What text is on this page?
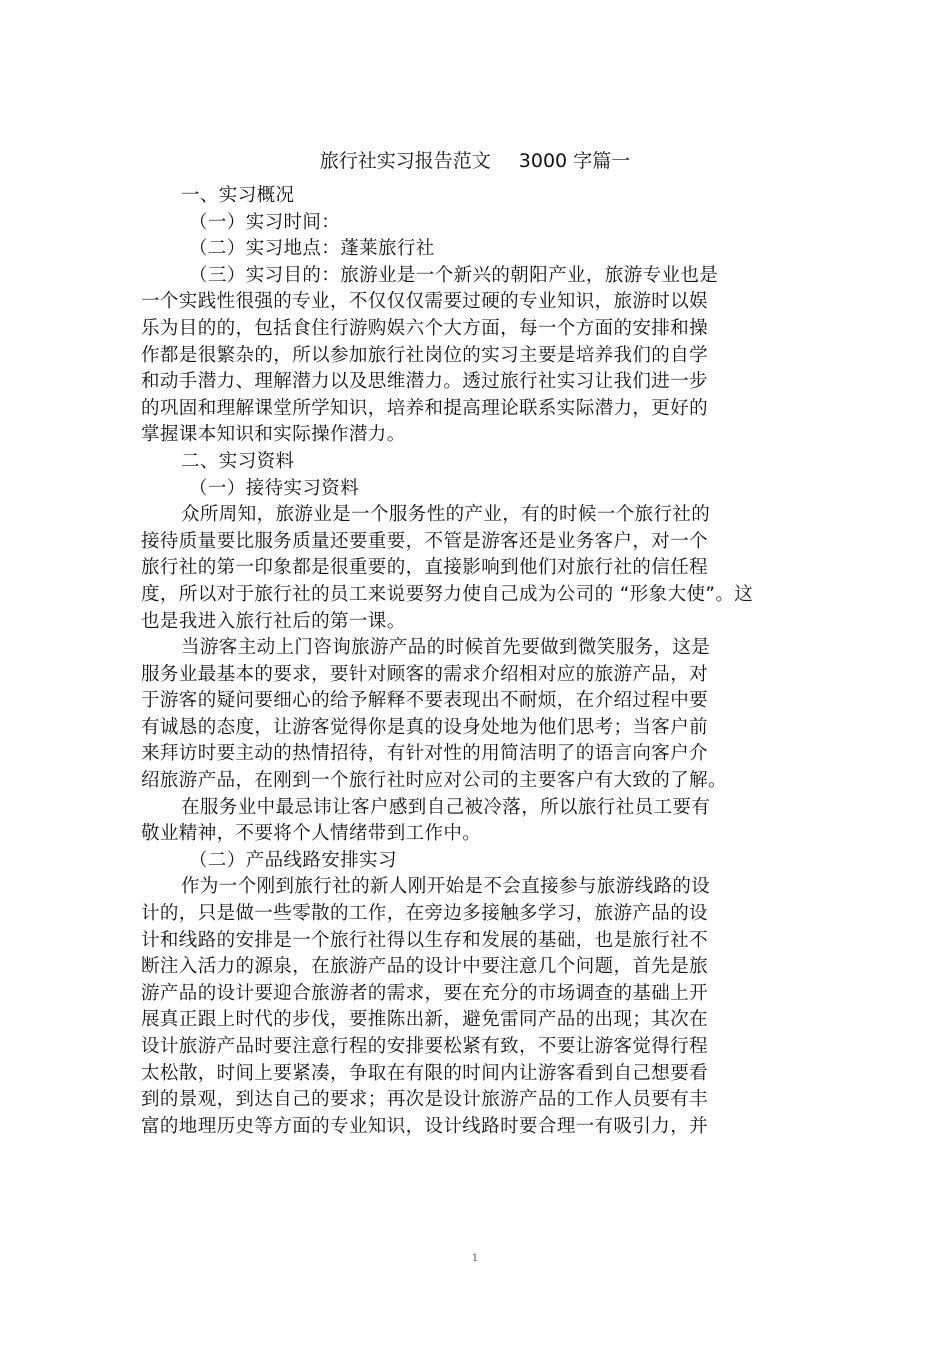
旅行社实习报告范文 3000 字篇一
一、实习概况
（一）实习时间：
（二）实习地点：蓬莱旅行社
（三）实习目的：旅游业是一个新兴的朝阳产业，旅游专业也是
一个实践性很强的专业，不仅仅仅需要过硬的专业知识，旅游时以娱
乐为目的的，包括食住行游购娱六个大方面，每一个方面的安排和操
作都是很繁杂的，所以参加旅行社岗位的实习主要是培养我们的自学
和动手潜力、理解潜力以及思维潜力。透过旅行社实习让我们进一步
的巩固和理解课堂所学知识，培养和提高理论联系实际潜力，更好的
掌握课本知识和实际操作潜力。
二、实习资料
（一）接待实习资料
众所周知，旅游业是一个服务性的产业，有的时候一个旅行社的
接待质量要比服务质量还要重要，不管是游客还是业务客户，对一个
旅行社的第一印象都是很重要的，直接影响到他们对旅行社的信任程
度，所以对于旅行社的员工来说要努力使自己成为公司的 “形象大使”。这
也是我进入旅行社后的第一课。
当游客主动上门咨询旅游产品的时候首先要做到微笑服务，这是
服务业最基本的要求，要针对顾客的需求介绍相对应的旅游产品，对
于游客的疑问要细心的给予解释不要表现出不耐烦，在介绍过程中要
有诚恳的态度，让游客觉得你是真的设身处地为他们思考；当客户前
来拜访时要主动的热情招待，有针对性的用简洁明了的语言向客户介
绍旅游产品，在刚到一个旅行社时应对公司的主要客户有大致的了解。
在服务业中最忌讳让客户感到自己被冷落，所以旅行社员工要有
敬业精神，不要将个人情绪带到工作中。
（二）产品线路安排实习
作为一个刚到旅行社的新人刚开始是不会直接参与旅游线路的设
计的，只是做一些零散的工作，在旁边多接触多学习，旅游产品的设
计和线路的安排是一个旅行社得以生存和发展的基础，也是旅行社不
断注入活力的源泉，在旅游产品的设计中要注意几个问题，首先是旅
游产品的设计要迎合旅游者的需求，要在充分的市场调查的基础上开
展真正跟上时代的步伐，要推陈出新，避免雷同产品的出现；其次在
设计旅游产品时要注意行程的安排要松紧有致，不要让游客觉得行程
太松散，时间上要紧凑，争取在有限的时间内让游客看到自己想要看
到的景观，到达自己的要求；再次是设计旅游产品的工作人员要有丰
富的地理历史等方面的专业知识，设计线路时要合理一有吸引力，并
1
